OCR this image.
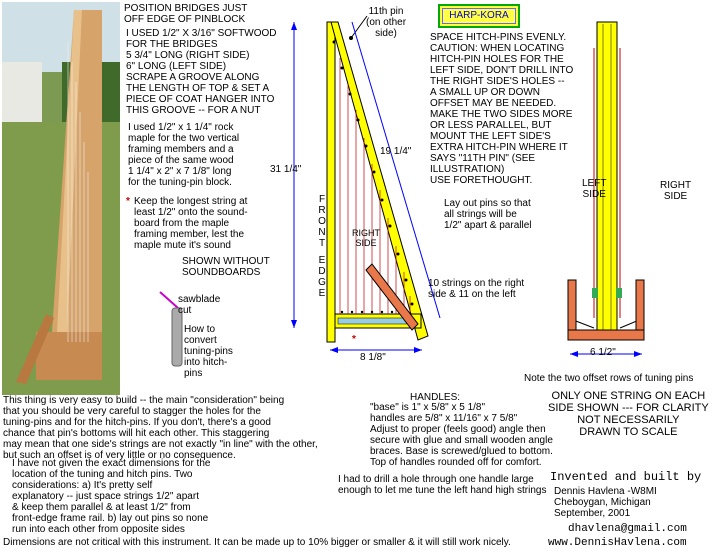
POSITION BRIDGES JUST
OFF EDGE OF PINBLOCK
I USED 1/2" X 3/16" SOFTWOOD
FOR THE BRIDGES
5 3/4" LONG (RIGHT SIDE)
6" LONG (LEFT SIDE)
SCRAPE A GROOVE ALONG
THE LENGTH OF TOP & SET A
PIECE OF COAT HANGER INTO
THIS GROOVE -- FOR A NUT
I used 1/2" x 1 1/4" rock
maple for the two vertical
framing members and a
piece of the same wood
1 1/4" x 2" x 7 1/8" long
for the tuning-pin block.
* Keep the longest string at
least 1/2" onto the sound-
board from the maple
framing member, lest the
maple mute it's sound
SHOWN WITHOUT
SOUNDBOARDS
sawblade
cut
How to
convert
tuning-pins
into hitch-
pins
HARP-KORA
11th pin
(on other
side)
31 1/4"
19 1/4"
8 1/8"
*
F
R
O
N
T
E
D
G
E
RIGHT
SIDE
10 strings on the right
side & 11 on the left
SPACE HITCH-PINS EVENLY.
CAUTION: WHEN LOCATING
HITCH-PIN HOLES FOR THE
LEFT SIDE, DON'T DRILL INTO
THE RIGHT SIDE'S HOLES --
A SMALL UP OR DOWN
OFFSET MAY BE NEEDED.
MAKE THE TWO SIDES MORE
OR LESS PARALLEL, BUT
MOUNT THE LEFT SIDE'S
EXTRA HITCH-PIN WHERE IT
SAYS "11TH PIN" (SEE
ILLUSTRATION)
USE FORETHOUGHT.
Lay out pins so that
all strings will be
1/2" apart & parallel
LEFT
SIDE
RIGHT
SIDE
6 1/2"
Note the two offset rows of tuning pins
ONLY ONE STRING ON EACH
SIDE SHOWN --- FOR CLARITY
NOT NECESSARILY
DRAWN TO SCALE
This thing is very easy to build -- the main "consideration" being
that you should be very careful to stagger the holes for the
tuning-pins and for the hitch-pins. If you don't, there's a good
chance that pin's bottoms will hit each other. This staggering
may mean that one side's strings are not exactly "in line" with the other,
but such an offset is of very little or no consequence.
I have not given the exact dimensions for the
location of the tuning and hitch pins. Two
considerations: a) It's pretty self
explanatory -- just space strings 1/2" apart
& keep them parallel & at least 1/2" from
front-edge frame rail. b) lay out pins so none
run into each other from opposite sides
HANDLES:
"base" is 1" x 5/8" x 5 1/8"
handles are 5/8" x 11/16" x 7 5/8"
Adjust to proper (feels good) angle then
secure with glue and small wooden angle
braces. Base is screwed/glued to bottom.
Top of handles rounded off for comfort.
I had to drill a hole through one handle large
enough to let me tune the left hand high strings
Invented and built by
Dennis Havlena -W8MI
Cheboygan, Michigan
September, 2001
dhavlena@gmail.com
www.DennisHavlena.com
Dimensions are not critical with this instrument. It can be made up to 10% bigger or smaller & it will still work nicely.
